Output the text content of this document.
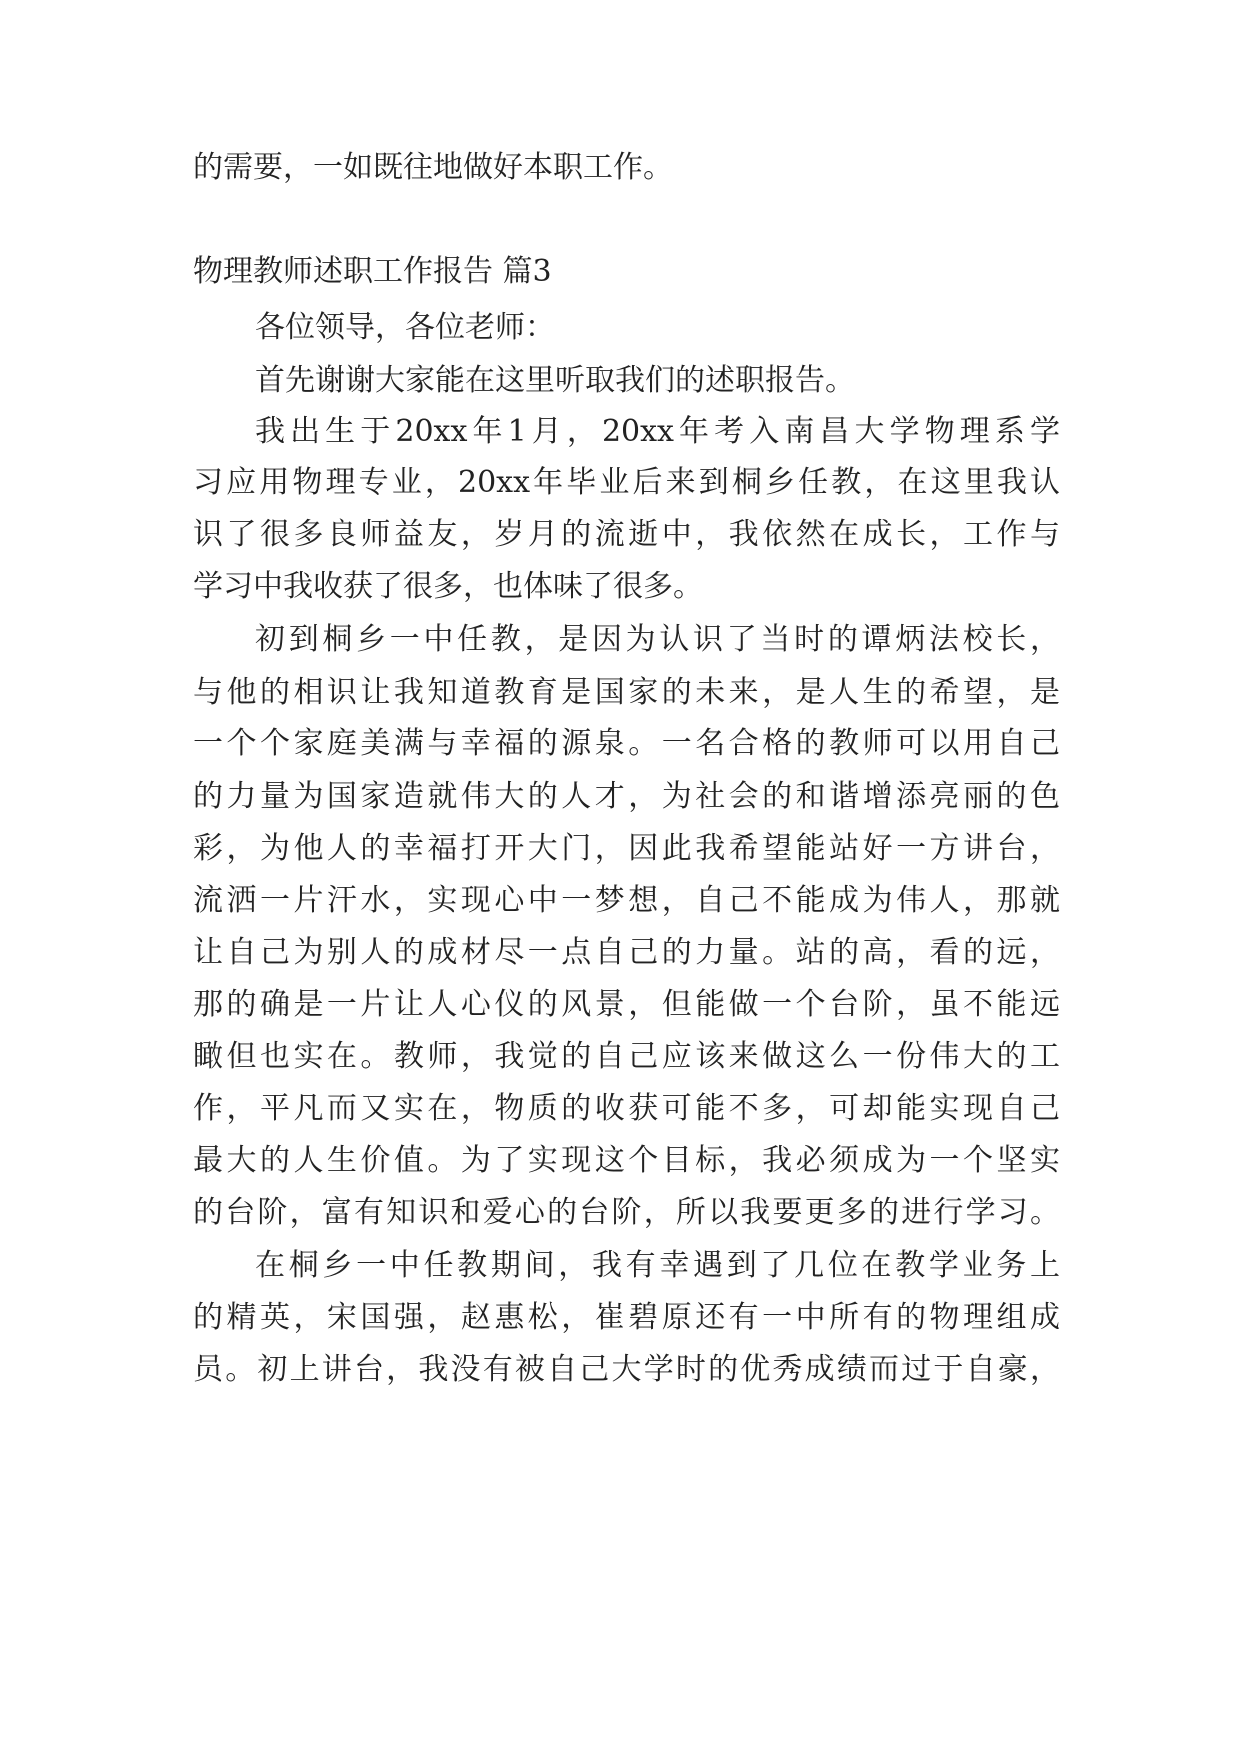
的需要，一如既往地做好本职工作。
物理教师述职工作报告 篇3
各位领导，各位老师：
首先谢谢大家能在这里听取我们的述职报告。
我出生于20xx年1月，20xx年考入南昌大学物理系学
习应用物理专业，20xx年毕业后来到桐乡任教，在这里我认
识了很多良师益友，岁月的流逝中，我依然在成长，工作与
学习中我收获了很多，也体味了很多。
初到桐乡一中任教，是因为认识了当时的谭炳法校长，
与他的相识让我知道教育是国家的未来，是人生的希望，是
一个个家庭美满与幸福的源泉。一名合格的教师可以用自己
的力量为国家造就伟大的人才，为社会的和谐增添亮丽的色
彩，为他人的幸福打开大门，因此我希望能站好一方讲台，
流洒一片汗水，实现心中一梦想，自己不能成为伟人，那就
让自己为别人的成材尽一点自己的力量。站的高，看的远，
那的确是一片让人心仪的风景，但能做一个台阶，虽不能远
瞰但也实在。教师，我觉的自己应该来做这么一份伟大的工
作，平凡而又实在，物质的收获可能不多，可却能实现自己
最大的人生价值。为了实现这个目标，我必须成为一个坚实
的台阶，富有知识和爱心的台阶，所以我要更多的进行学习。
在桐乡一中任教期间，我有幸遇到了几位在教学业务上
的精英，宋国强，赵惠松，崔碧原还有一中所有的物理组成
员。初上讲台，我没有被自己大学时的优秀成绩而过于自豪，
